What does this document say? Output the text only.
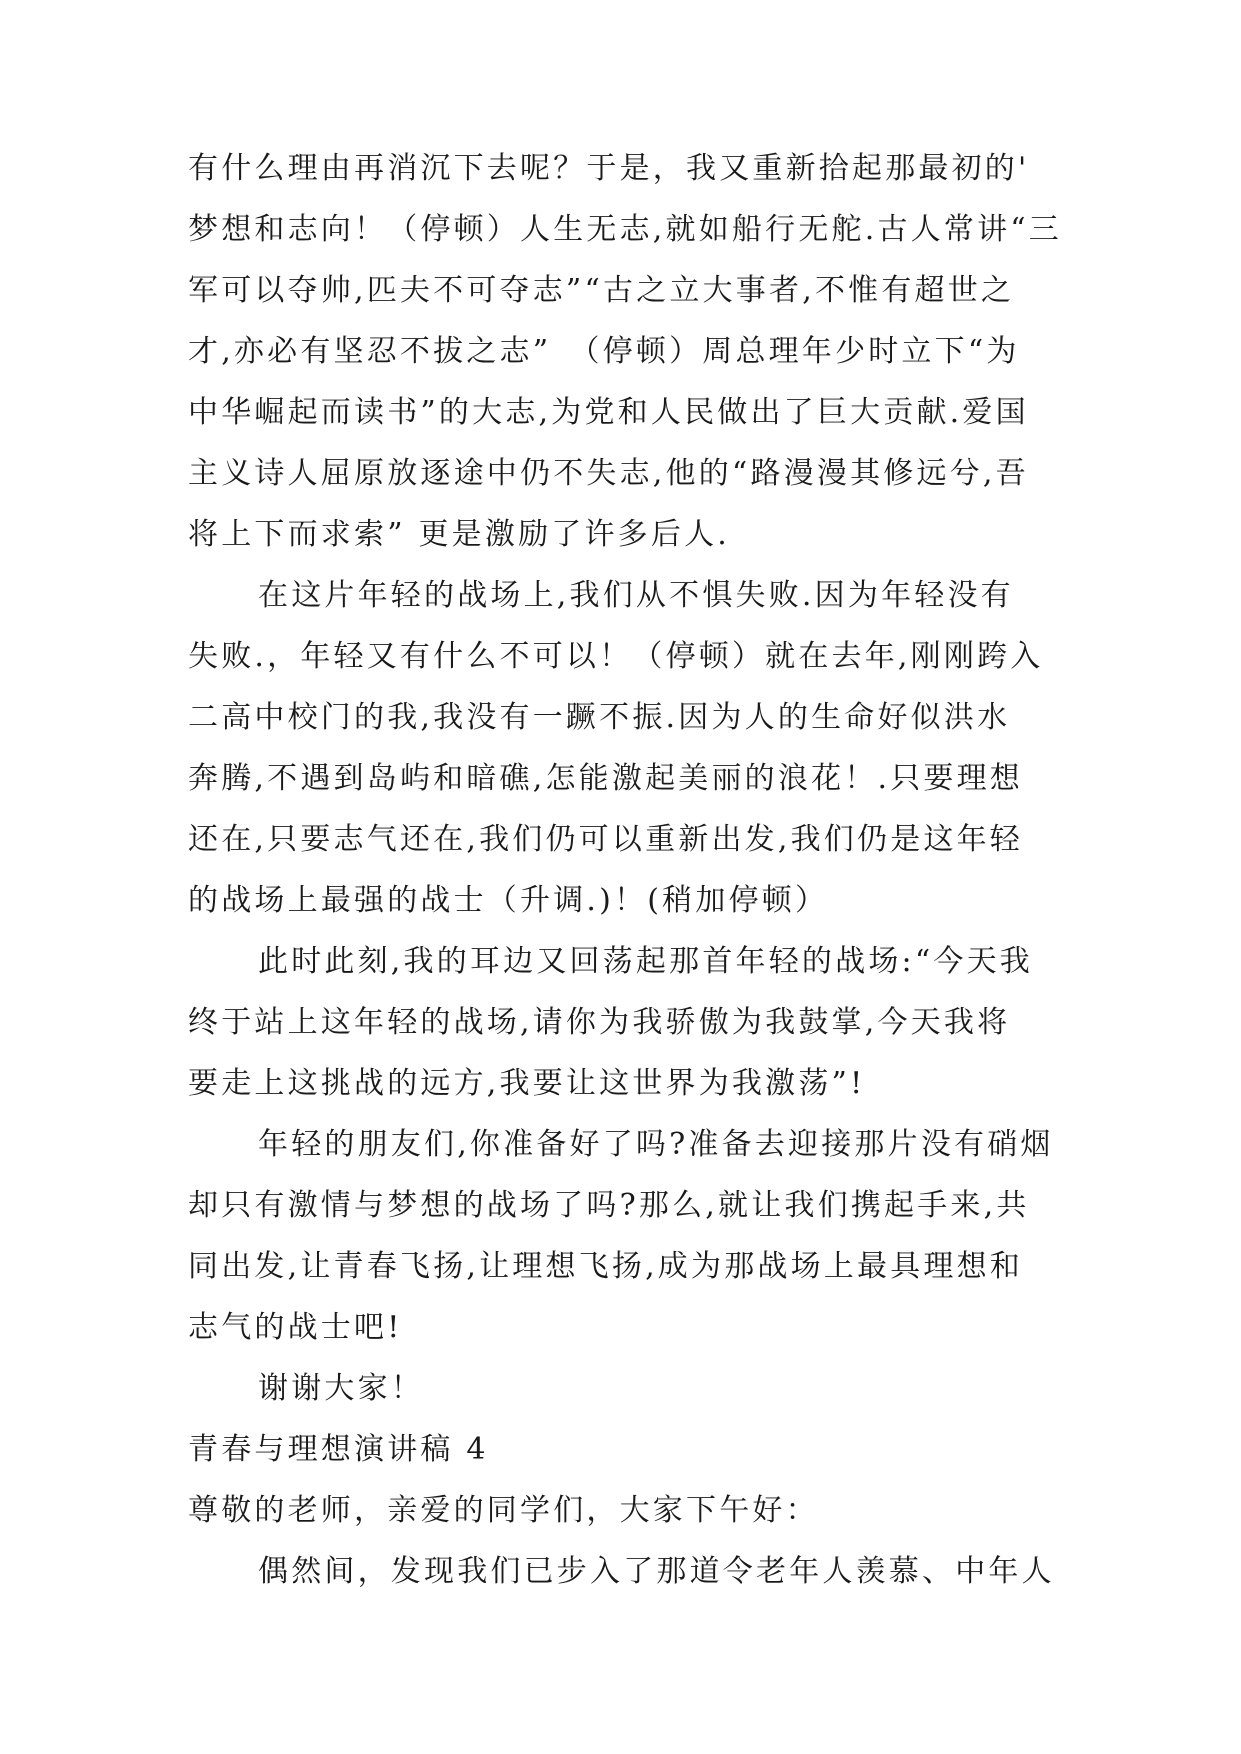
有什么理由再消沉下去呢？于是，我又重新拾起那最初的'
梦想和志向！（停顿）人生无志,就如船行无舵.古人常讲“三
军可以夺帅,匹夫不可夺志”“古之立大事者,不惟有超世之
才,亦必有坚忍不拔之志”　（停顿）周总理年少时立下“为
中华崛起而读书”的大志,为党和人民做出了巨大贡献.爱国
主义诗人屈原放逐途中仍不失志,他的“路漫漫其修远兮,吾
将上下而求索” 更是激励了许多后人.
在这片年轻的战场上,我们从不惧失败.因为年轻没有
失败.，年轻又有什么不可以！（停顿）就在去年,刚刚跨入
二高中校门的我,我没有一蹶不振.因为人的生命好似洪水
奔腾,不遇到岛屿和暗礁,怎能激起美丽的浪花！.只要理想
还在,只要志气还在,我们仍可以重新出发,我们仍是这年轻
的战场上最强的战士（升调.)！(稍加停顿）
此时此刻,我的耳边又回荡起那首年轻的战场:“今天我
终于站上这年轻的战场,请你为我骄傲为我鼓掌,今天我将
要走上这挑战的远方,我要让这世界为我激荡”!
年轻的朋友们,你准备好了吗?准备去迎接那片没有硝烟
却只有激情与梦想的战场了吗?那么,就让我们携起手来,共
同出发,让青春飞扬,让理想飞扬,成为那战场上最具理想和
志气的战士吧!
谢谢大家！
青春与理想演讲稿 4
尊敬的老师，亲爱的同学们，大家下午好：
偶然间，发现我们已步入了那道令老年人羡慕、中年人
